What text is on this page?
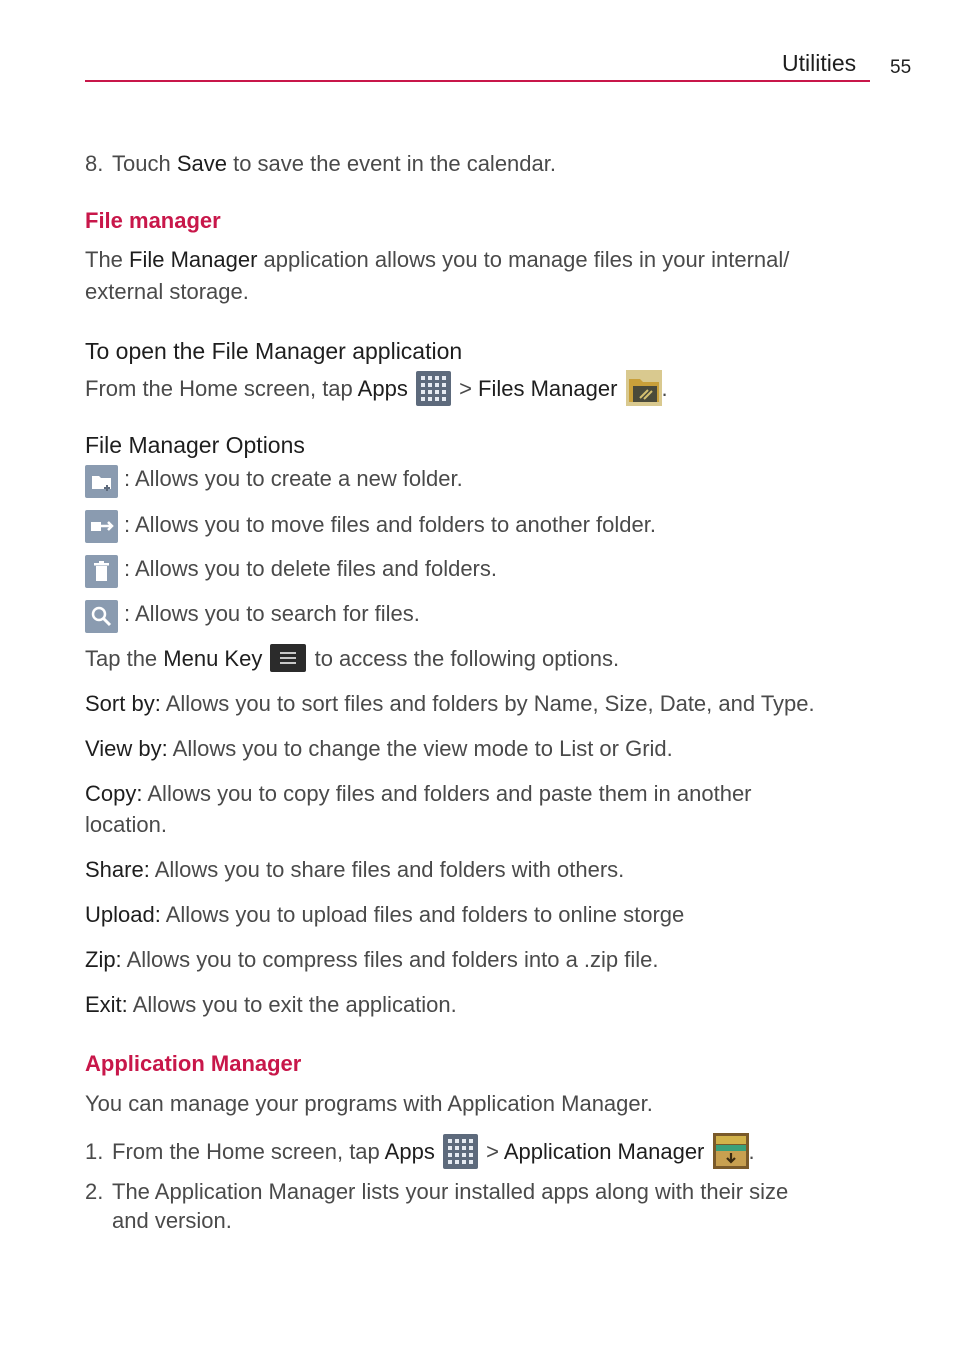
Utilities 55
8. Touch Save to save the event in the calendar.
File manager
The File Manager application allows you to manage files in your internal/
external storage.
To open the File Manager application
From the Home screen, tap Apps  > Files Manager .
File Manager Options
: Allows you to create a new folder.
: Allows you to move files and folders to another folder.
: Allows you to delete files and folders.
: Allows you to search for files.
Tap the Menu Key  to access the following options.
Sort by: Allows you to sort files and folders by Name, Size, Date, and Type.
View by: Allows you to change the view mode to List or Grid.
Copy: Allows you to copy files and folders and paste them in another
location.
Share: Allows you to share files and folders with others.
Upload: Allows you to upload files and folders to online storge
Zip: Allows you to compress files and folders into a .zip file.
Exit: Allows you to exit the application.
Application Manager
You can manage your programs with Application Manager.
1. From the Home screen, tap Apps  > Application Manager .
2. The Application Manager lists your installed apps along with their size
and version.
